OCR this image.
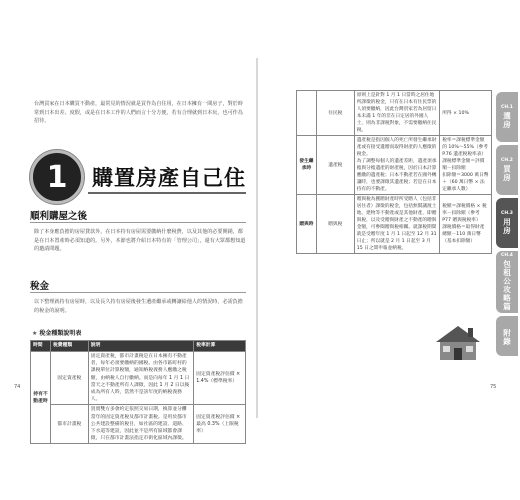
台灣買家在日本購買不動產，最常見的情況就是買作為自住用，在日本擁有一間房子，對於時常到日本出差、度假，或是在日本工作的人們而言十分方便，若有合理就到日本玩，也可作為招待。
1	購置房產自己住
順利購屋之後
除了本身應負擔的房屋貸款外，在日本持有房屋需要繳納什麼稅費，以及其他的必要開銷，都是在日本置產時必須知道的。另外，本節也將介紹日本特有的「管理公司」，還有大眾都想知道的邀請問題。
稅金
以下整理就持有房屋時，以及長久持有房屋後發生遺產繼承或轉讓給他人的情況時，必需負擔的稅金的說明。
★ 稅金種類說明表
時間	稅費種類	說明	稅率計算
持有不動產時	固定資產稅	固定資產稅，都市計畫稅是在日本擁有不動產者，每年必須要繳納的國稅。由各市區町村的課稅單位計算稅額，通知納稅義務人應繳之稅額，由納稅人自行繳納。而是向每年 1 月 1 日當天之不動產所有人課徵，因此 1 月 2 日以後成為所有人時，當然不是該年度的納稅義務人。	固定資產稅評估價 × 1.4%（標準稅率）
	都市計畫稅	買賣雙方多會約定依照交易日期，換算並分攤當年的固定資產稅及都市計畫稅。是用於都市公共建設整備的稅目，如社區的建設、道路、下水道等建設，因此並不是所有區域都會課徵，只在都市計畫法指定市街化區域內課徵。	固定資產稅評估價 × 最高 0.3%（上限稅率）
74
	住民稅	原則上是針對 1 月 1 日當時之居住地所課徵的稅金，只有在日本有住民票的人須要繳納，因此台灣買家若為居留日本未滿 1 年的非在日定居的外國人士，則為非課稅對象，不需要繳納住民稅。	所得 × 10%
發生繼承時	遺產稅	遺產稅是指因個人的死亡所發生繼承財產或有接受遺贈而取得財產的人應徵的稅金。
為了調整每個人的遺產差距，遺產須承擔與分擔遺產的財產稅，因於日本計算應繳的遺產稅；日本不動產若在國外轉讓時，也要課徵其遺產稅；若是在日本持有的不動產。	稅率＝課稅標準金額的 10%～55%（參考 P.76 遺產稅稅率表）
課稅標準金額＝評價額－扣除額
扣除額＝3000 萬日幣＋（60 萬日幣 × 法定繼承人數）
贈與時	贈與稅	贈與稅為獲贈財產時所受贈人（包括非居住者）課徵的稅金，包括無償讓渡土地、建物等不動產或是其他財產，即贈與稅，以及受贈與財產之不動產的贈與金額，可參閱贈與稅相關。就課稅期間就是受贈年度 1 月 1 日起至 12 月 31 日止；所以就是 2 月 1 日起至 3 月 15 日之間申報並納稅。	稅額＝課稅價格 × 稅率－扣除額（參考 P77 贈與稅稅率）
課稅價格＝取得財產總額－110 萬日幣（基本扣除額）
75
CH.1
選房
CH.2
買房
CH.3
用房
CH.4
包租公攻略篇
附錄
